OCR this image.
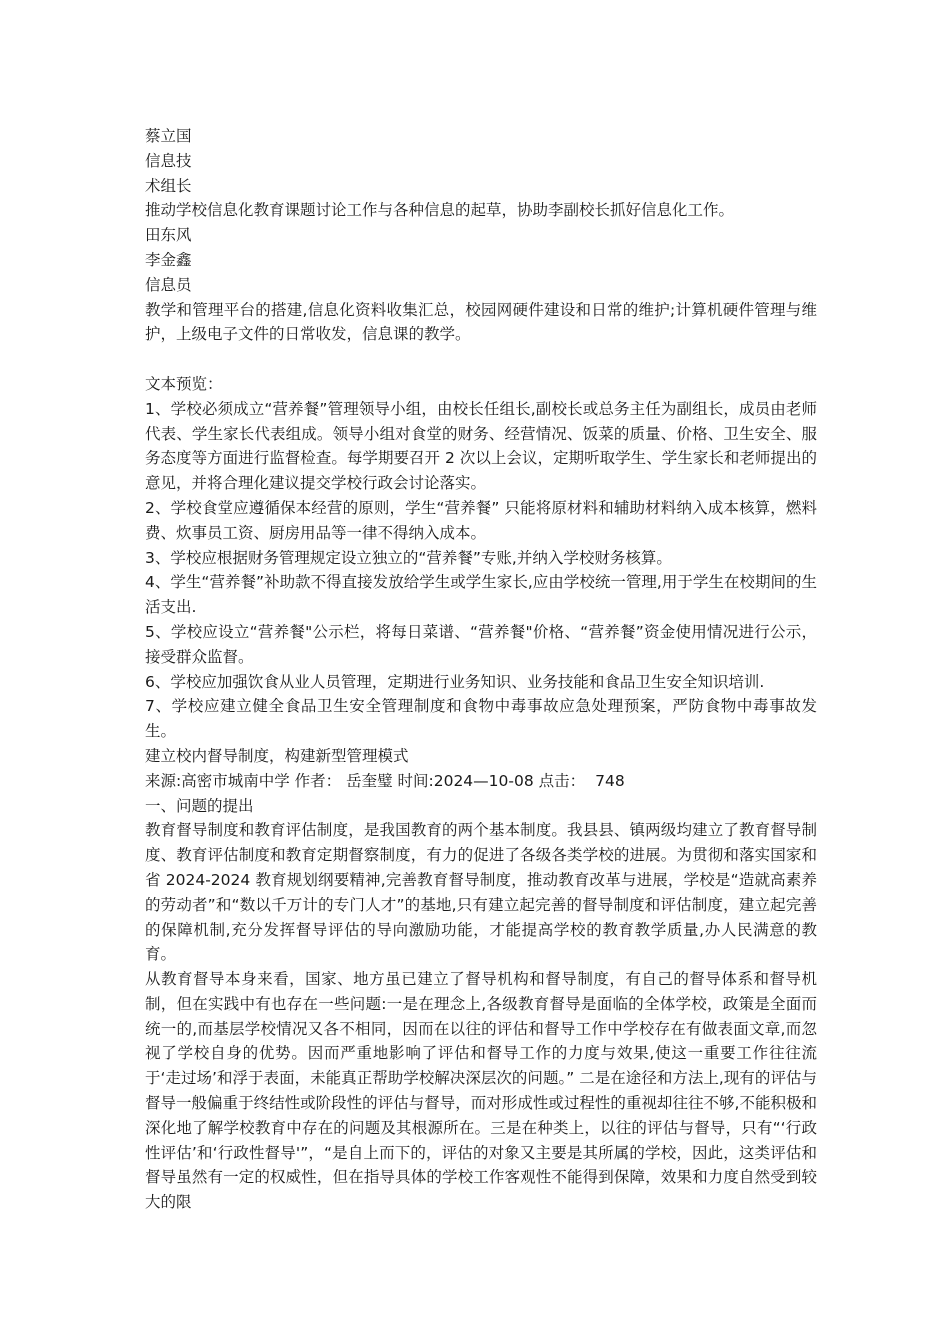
蔡立国

信息技

术组长

推动学校信息化教育课题讨论工作与各种信息的起草，协助李副校长抓好信息化工作。

田东风

李金鑫

信息员

教学和管理平台的搭建,信息化资料收集汇总，校园网硬件建设和日常的维护;计算机硬件管理与维护，上级电子文件的日常收发，信息课的教学。

文本预览：

1、学校必须成立“营养餐”管理领导小组，由校长任组长,副校长或总务主任为副组长，成员由老师代表、学生家长代表组成。领导小组对食堂的财务、经营情况、饭菜的质量、价格、卫生安全、服务态度等方面进行监督检查。每学期要召开 2 次以上会议，定期听取学生、学生家长和老师提出的意见，并将合理化建议提交学校行政会讨论落实。

2、学校食堂应遵循保本经营的原则，学生“营养餐” 只能将原材料和辅助材料纳入成本核算，燃料费、炊事员工资、厨房用品等一律不得纳入成本。

3、学校应根据财务管理规定设立独立的“营养餐”专账,并纳入学校财务核算。

4、学生“营养餐”补助款不得直接发放给学生或学生家长,应由学校统一管理,用于学生在校期间的生活支出.

5、学校应设立“营养餐"公示栏，将每日菜谱、“营养餐"价格、“营养餐”资金使用情况进行公示，接受群众监督。

6、学校应加强饮食从业人员管理，定期进行业务知识、业务技能和食品卫生安全知识培训.

7、学校应建立健全食品卫生安全管理制度和食物中毒事故应急处理预案，严防食物中毒事故发生。

建立校内督导制度，构建新型管理模式

来源:高密市城南中学 作者： 岳奎璧 时间:2024—10-08 点击： 748

一、问题的提出

教育督导制度和教育评估制度，是我国教育的两个基本制度。我县县、镇两级均建立了教育督导制度、教育评估制度和教育定期督察制度，有力的促进了各级各类学校的进展。为贯彻和落实国家和省 2024-2024 教育规划纲要精神,完善教育督导制度，推动教育改革与进展，学校是“造就高素养的劳动者”和“数以千万计的专门人才”的基地,只有建立起完善的督导制度和评估制度，建立起完善的保障机制,充分发挥督导评估的导向激励功能，才能提高学校的教育教学质量,办人民满意的教育。

从教育督导本身来看，国家、地方虽已建立了督导机构和督导制度，有自己的督导体系和督导机制，但在实践中有也存在一些问题:一是在理念上,各级教育督导是面临的全体学校，政策是全面而统一的,而基层学校情况又各不相同，因而在以往的评估和督导工作中学校存在有做表面文章,而忽视了学校自身的优势。因而严重地影响了评估和督导工作的力度与效果,使这一重要工作往往流于‘走过场’和浮于表面，未能真正帮助学校解决深层次的问题。” 二是在途径和方法上,现有的评估与督导一般偏重于终结性或阶段性的评估与督导，而对形成性或过程性的重视却往往不够,不能积极和深化地了解学校教育中存在的问题及其根源所在。三是在种类上，以往的评估与督导，只有“‘行政性评估’和‘行政性督导'”，“是自上而下的，评估的对象又主要是其所属的学校，因此，这类评估和督导虽然有一定的权威性，但在指导具体的学校工作客观性不能得到保障，效果和力度自然受到较大的限
